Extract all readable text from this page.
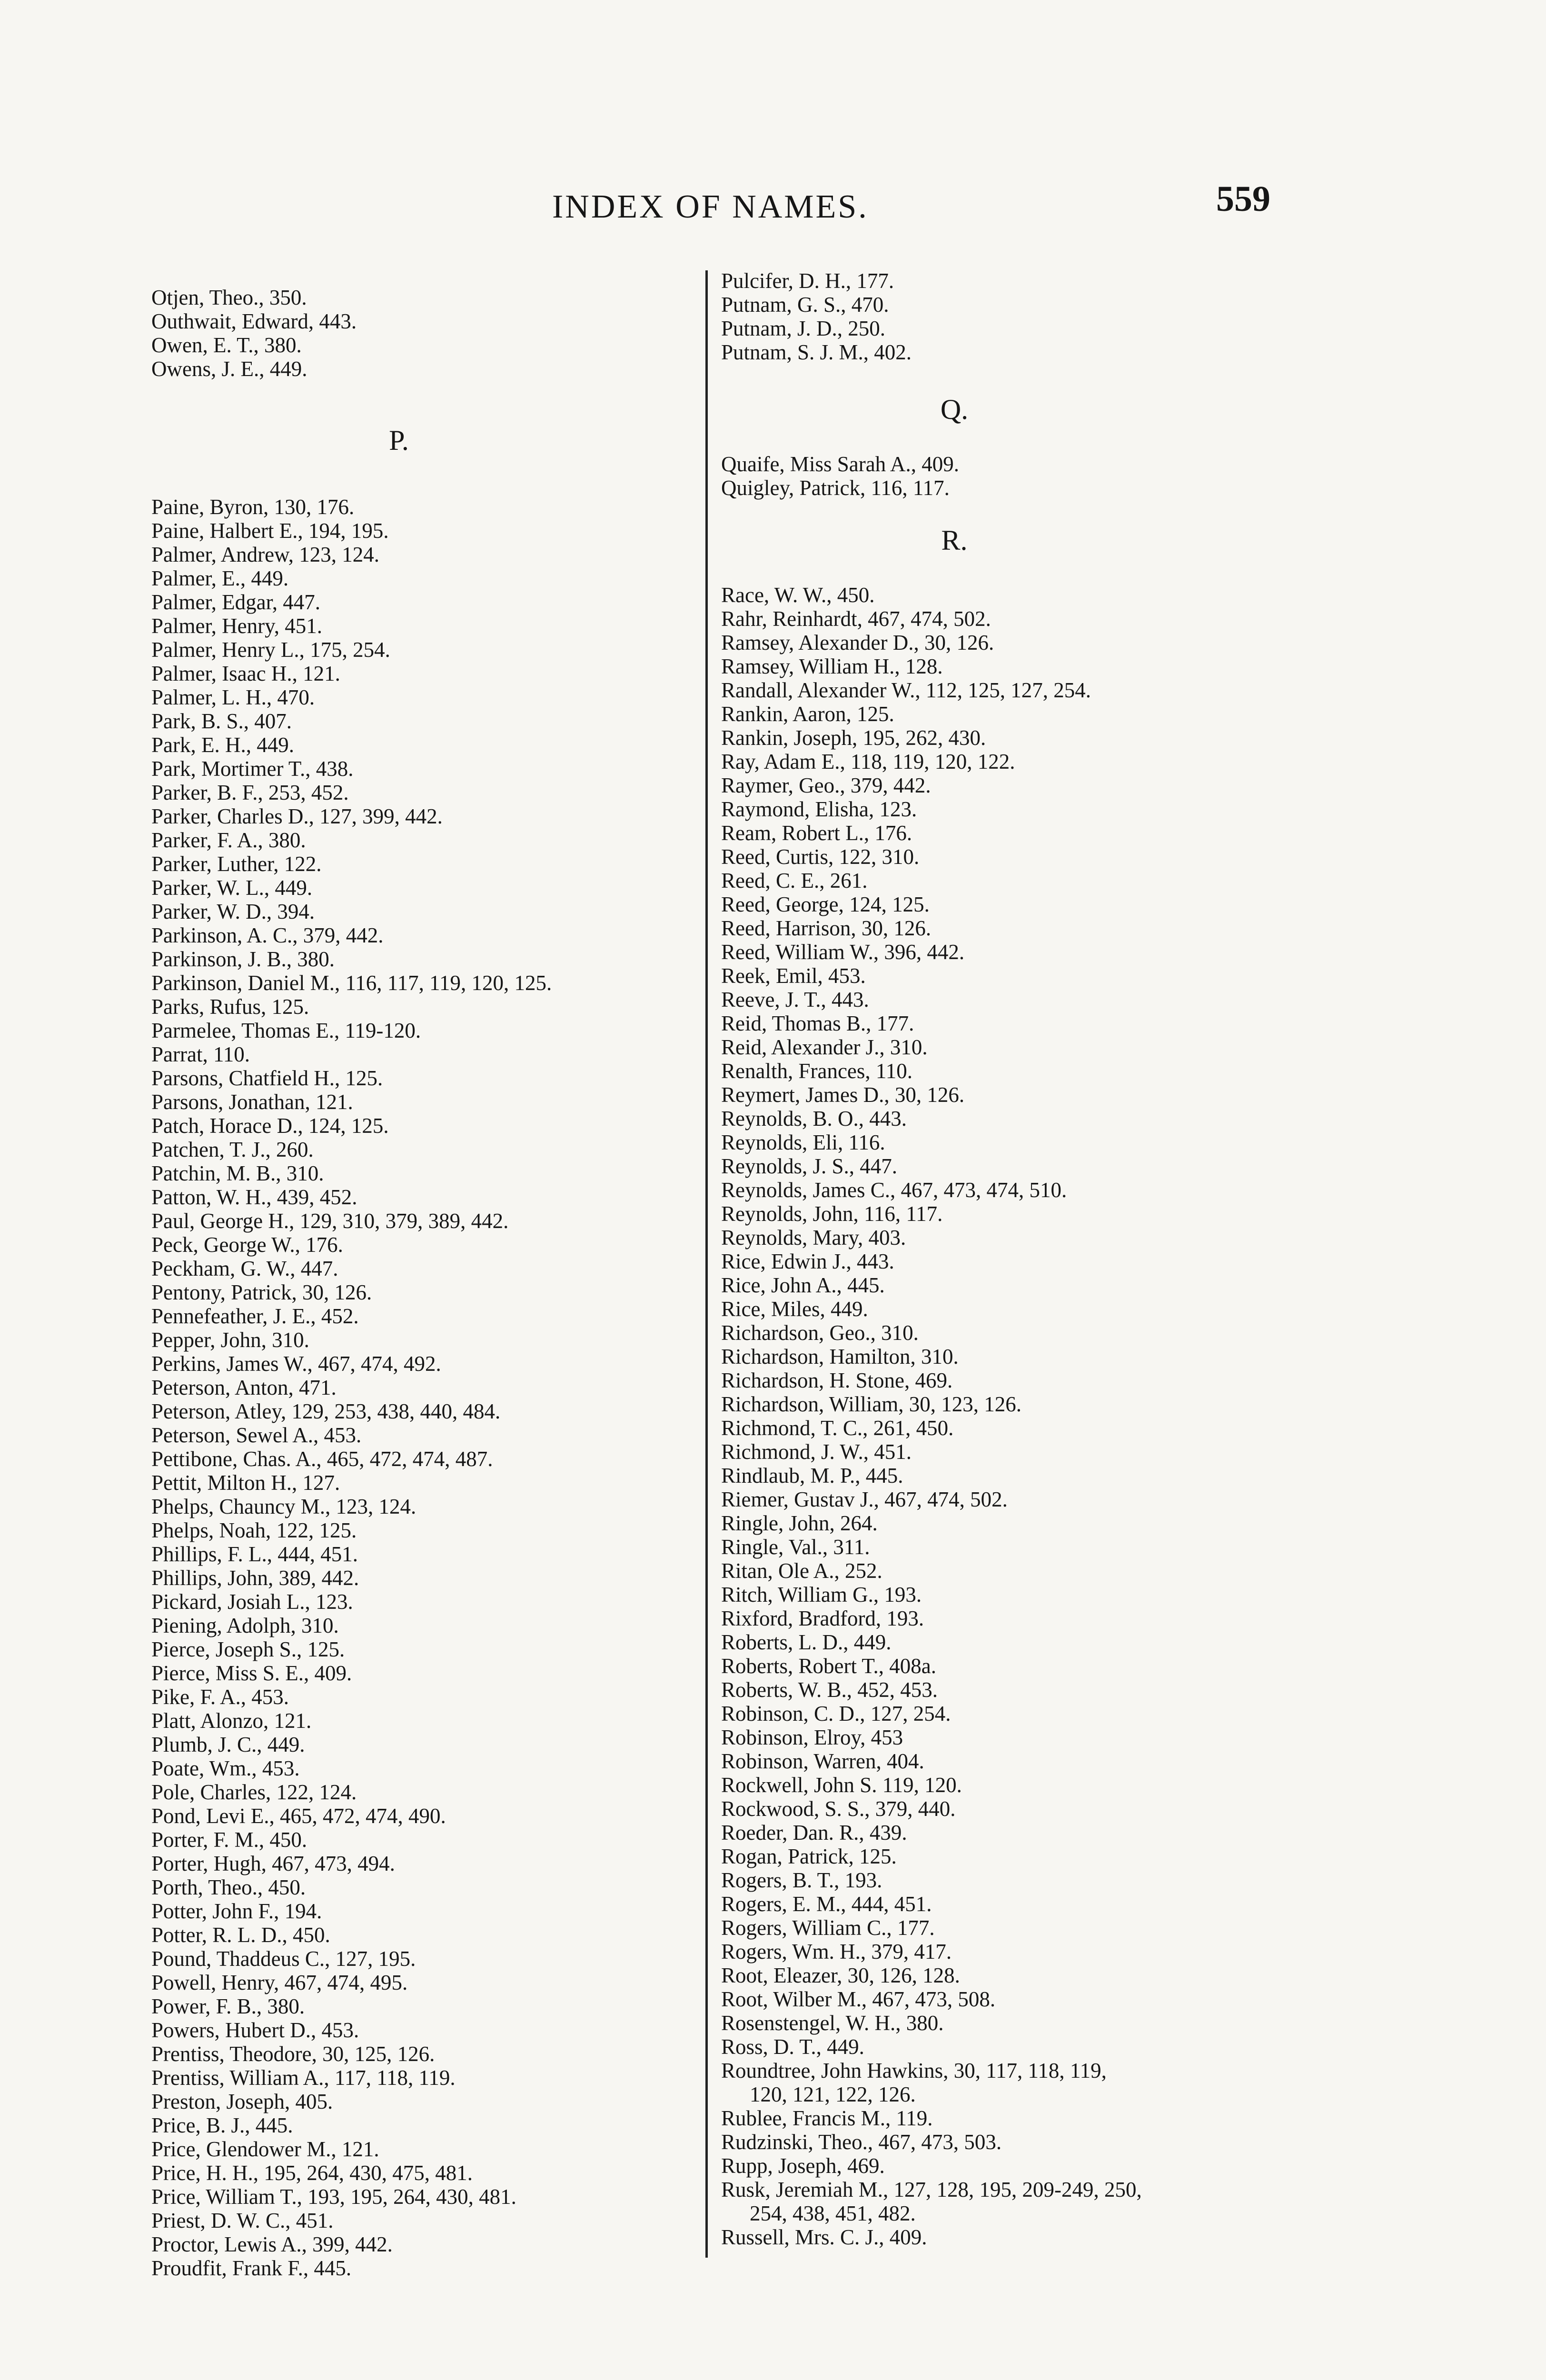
INDEX OF NAMES.	559
Otjen, Theo., 350.
Outhwait, Edward, 443.
Owen, E. T., 380.
Owens, J. E., 449.
P.
Paine, Byron, 130, 176.
Paine, Halbert E., 194, 195.
Palmer, Andrew, 123, 124.
Palmer, E., 449.
Palmer, Edgar, 447.
Palmer, Henry, 451.
Palmer, Henry L., 175, 254.
Palmer, Isaac H., 121.
Palmer, L. H., 470.
Park, B. S., 407.
Park, E. H., 449.
Park, Mortimer T., 438.
Parker, B. F., 253, 452.
Parker, Charles D., 127, 399, 442.
Parker, F. A., 380.
Parker, Luther, 122.
Parker, W. L., 449.
Parker, W. D., 394.
Parkinson, A. C., 379, 442.
Parkinson, J. B., 380.
Parkinson, Daniel M., 116, 117, 119, 120, 125.
Parks, Rufus, 125.
Parmelee, Thomas E., 119-120.
Parrat, 110.
Parsons, Chatfield H., 125.
Parsons, Jonathan, 121.
Patch, Horace D., 124, 125.
Patchen, T. J., 260.
Patchin, M. B., 310.
Patton, W. H., 439, 452.
Paul, George H., 129, 310, 379, 389, 442.
Peck, George W., 176.
Peckham, G. W., 447.
Pentony, Patrick, 30, 126.
Pennefeather, J. E., 452.
Pepper, John, 310.
Perkins, James W., 467, 474, 492.
Peterson, Anton, 471.
Peterson, Atley, 129, 253, 438, 440, 484.
Peterson, Sewel A., 453.
Pettibone, Chas. A., 465, 472, 474, 487.
Pettit, Milton H., 127.
Phelps, Chauncy M., 123, 124.
Phelps, Noah, 122, 125.
Phillips, F. L., 444, 451.
Phillips, John, 389, 442.
Pickard, Josiah L., 123.
Piening, Adolph, 310.
Pierce, Joseph S., 125.
Pierce, Miss S. E., 409.
Pike, F. A., 453.
Platt, Alonzo, 121.
Plumb, J. C., 449.
Poate, Wm., 453.
Pole, Charles, 122, 124.
Pond, Levi E., 465, 472, 474, 490.
Porter, F. M., 450.
Porter, Hugh, 467, 473, 494.
Porth, Theo., 450.
Potter, John F., 194.
Potter, R. L. D., 450.
Pound, Thaddeus C., 127, 195.
Powell, Henry, 467, 474, 495.
Power, F. B., 380.
Powers, Hubert D., 453.
Prentiss, Theodore, 30, 125, 126.
Prentiss, William A., 117, 118, 119.
Preston, Joseph, 405.
Price, B. J., 445.
Price, Glendower M., 121.
Price, H. H., 195, 264, 430, 475, 481.
Price, William T., 193, 195, 264, 430, 481.
Priest, D. W. C., 451.
Proctor, Lewis A., 399, 442.
Proudfit, Frank F., 445.
Pulcifer, D. H., 177.
Putnam, G. S., 470.
Putnam, J. D., 250.
Putnam, S. J. M., 402.
Q.
Quaife, Miss Sarah A., 409.
Quigley, Patrick, 116, 117.
R.
Race, W. W., 450.
Rahr, Reinhardt, 467, 474, 502.
Ramsey, Alexander D., 30, 126.
Ramsey, William H., 128.
Randall, Alexander W., 112, 125, 127, 254.
Rankin, Aaron, 125.
Rankin, Joseph, 195, 262, 430.
Ray, Adam E., 118, 119, 120, 122.
Raymer, Geo., 379, 442.
Raymond, Elisha, 123.
Ream, Robert L., 176.
Reed, Curtis, 122, 310.
Reed, C. E., 261.
Reed, George, 124, 125.
Reed, Harrison, 30, 126.
Reed, William W., 396, 442.
Reek, Emil, 453.
Reeve, J. T., 443.
Reid, Thomas B., 177.
Reid, Alexander J., 310.
Renalth, Frances, 110.
Reymert, James D., 30, 126.
Reynolds, B. O., 443.
Reynolds, Eli, 116.
Reynolds, J. S., 447.
Reynolds, James C., 467, 473, 474, 510.
Reynolds, John, 116, 117.
Reynolds, Mary, 403.
Rice, Edwin J., 443.
Rice, John A., 445.
Rice, Miles, 449.
Richardson, Geo., 310.
Richardson, Hamilton, 310.
Richardson, H. Stone, 469.
Richardson, William, 30, 123, 126.
Richmond, T. C., 261, 450.
Richmond, J. W., 451.
Rindlaub, M. P., 445.
Riemer, Gustav J., 467, 474, 502.
Ringle, John, 264.
Ringle, Val., 311.
Ritan, Ole A., 252.
Ritch, William G., 193.
Rixford, Bradford, 193.
Roberts, L. D., 449.
Roberts, Robert T., 408a.
Roberts, W. B., 452, 453.
Robinson, C. D., 127, 254.
Robinson, Elroy, 453
Robinson, Warren, 404.
Rockwell, John S. 119, 120.
Rockwood, S. S., 379, 440.
Roeder, Dan. R., 439.
Rogan, Patrick, 125.
Rogers, B. T., 193.
Rogers, E. M., 444, 451.
Rogers, William C., 177.
Rogers, Wm. H., 379, 417.
Root, Eleazer, 30, 126, 128.
Root, Wilber M., 467, 473, 508.
Rosenstengel, W. H., 380.
Ross, D. T., 449.
Roundtree, John Hawkins, 30, 117, 118, 119,
120, 121, 122, 126.
Rublee, Francis M., 119.
Rudzinski, Theo., 467, 473, 503.
Rupp, Joseph, 469.
Rusk, Jeremiah M., 127, 128, 195, 209-249, 250,
254, 438, 451, 482.
Russell, Mrs. C. J., 409.
